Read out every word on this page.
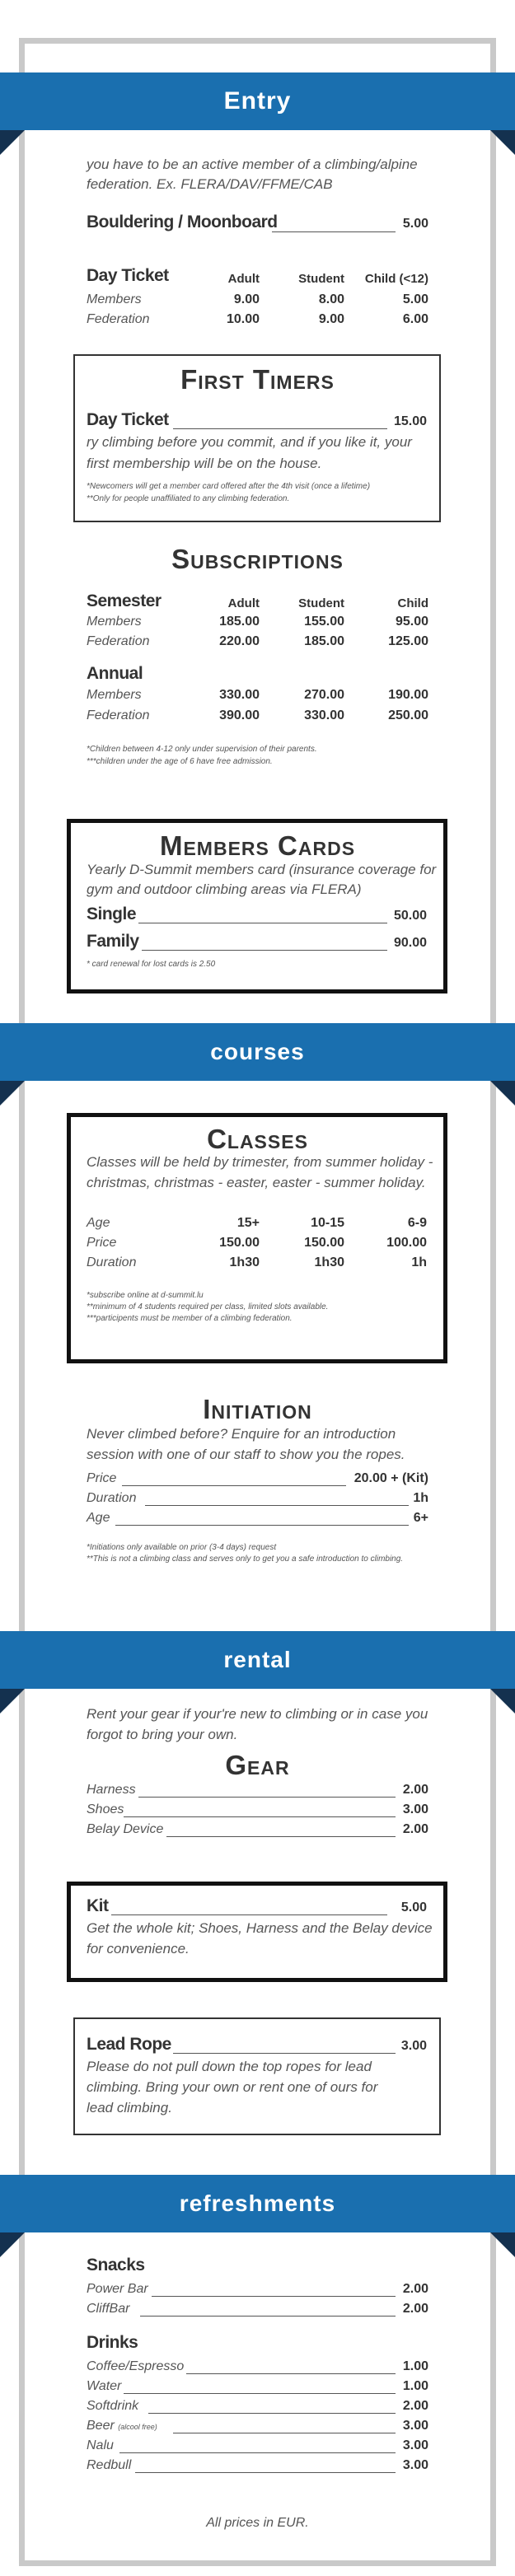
Entry
you have to be an active member of a climbing/alpine federation. Ex. FLERA/DAV/FFME/CAB
Bouldering / Moonboard	5.00
Day Ticket	Adult	Student	Child (<12)
Members	9.00	8.00	5.00
Federation	10.00	9.00	6.00
First Timers
Day Ticket	15.00
ry climbing before you commit, and if you like it, your first membership will be on the house.
*Newcomers will get a member card offered after the 4th visit (once a lifetime)
**Only for people unaffiliated to any climbing federation.
Subscriptions
Semester	Adult	Student	Child
Members	185.00	155.00	95.00
Federation	220.00	185.00	125.00
Annual
Members	330.00	270.00	190.00
Federation	390.00	330.00	250.00
*Children between 4-12 only under supervision of their parents.
***children under the age of 6 have free admission.
Members Cards
Yearly D-Summit members card (insurance coverage for gym and outdoor climbing areas via FLERA)
Single	50.00
Family	90.00
* card renewal for lost cards is 2.50
courses
Classes
Classes will be held by trimester, from summer holiday - christmas, christmas - easter, easter - summer holiday.
Age	15+	10-15	6-9
Price	150.00	150.00	100.00
Duration	1h30	1h30	1h
*subscribe online at d-summit.lu
**minimum of 4 students required per class, limited slots available.
***participents must be member of a climbing federation.
Initiation
Never climbed before? Enquire for an introduction session with one of our staff to show you the ropes.
Price	20.00 + (Kit)
Duration	1h
Age	6+
*Initiations only available on prior (3-4 days) request
**This is not a climbing class and serves only to get you a safe introduction to climbing.
rental
Rent your gear if your're new to climbing or in case you forgot to bring your own.
Gear
Harness	2.00
Shoes	3.00
Belay Device	2.00
Kit	5.00
Get the whole kit; Shoes, Harness and the Belay device for convenience.
Lead Rope	3.00
Please do not pull down the top ropes for lead climbing. Bring your own or rent one of ours for lead climbing.
refreshments
Snacks
Power Bar	2.00
CliffBar	2.00
Drinks
Coffee/Espresso	1.00
Water	1.00
Softdrink	2.00
Beer (alcool free)	3.00
Nalu	3.00
Redbull	3.00
All prices in EUR.
